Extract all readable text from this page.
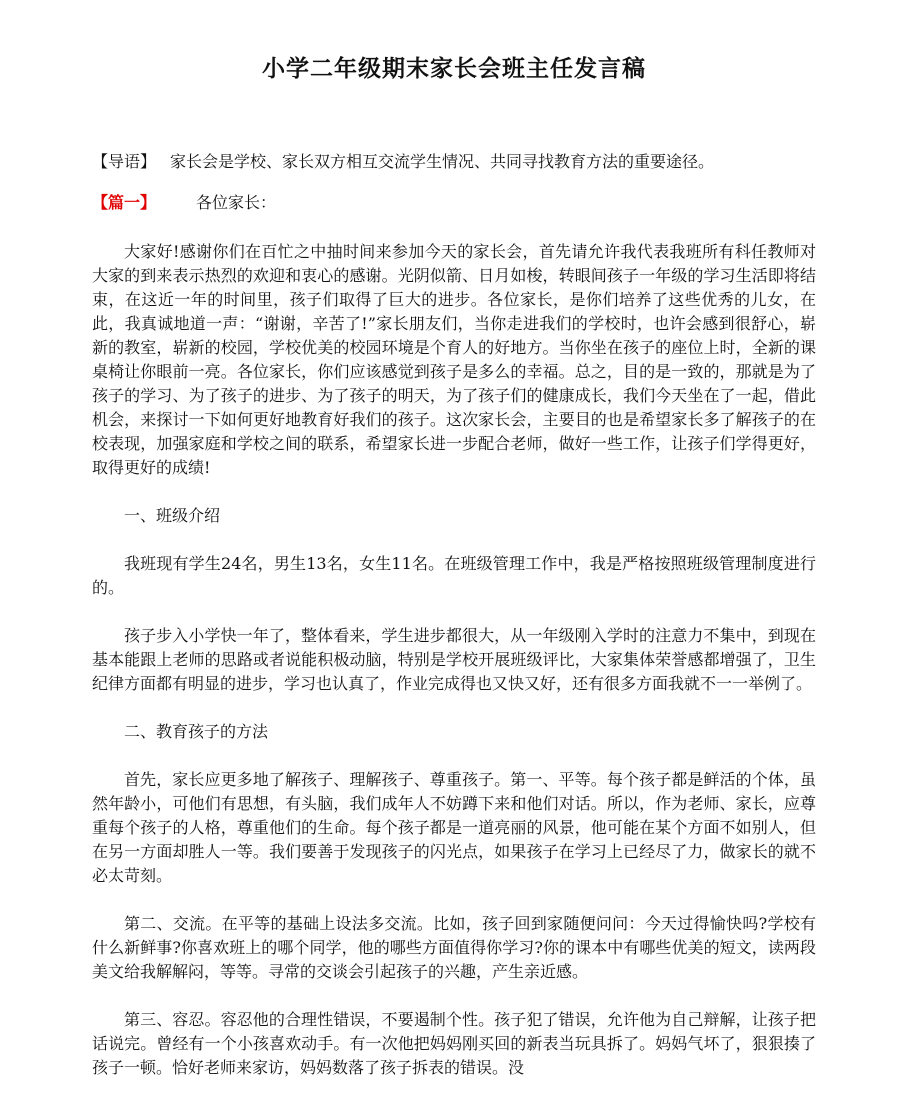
小学二年级期末家长会班主任发言稿
【导语】 家长会是学校、家长双方相互交流学生情况、共同寻找教育方法的重要途径。
【篇一】	各位家长：

大家好!感谢你们在百忙之中抽时间来参加今天的家长会，首先请允许我代表我班所有科任教师对大家的到来表示热烈的欢迎和衷心的感谢。光阴似箭、日月如梭，转眼间孩子一年级的学习生活即将结束，在这近一年的时间里，孩子们取得了巨大的进步。各位家长，是你们培养了这些优秀的儿女，在此，我真诚地道一声：“谢谢，辛苦了!”家长朋友们，当你走进我们的学校时，也许会感到很舒心，崭新的教室，崭新的校园，学校优美的校园环境是个育人的好地方。当你坐在孩子的座位上时，全新的课桌椅让你眼前一亮。各位家长，你们应该感觉到孩子是多么的幸福。总之，目的是一致的，那就是为了孩子的学习、为了孩子的进步、为了孩子的明天，为了孩子们的健康成长，我们今天坐在了一起，借此机会，来探讨一下如何更好地教育好我们的孩子。这次家长会，主要目的也是希望家长多了解孩子的在校表现，加强家庭和学校之间的联系，希望家长进一步配合老师，做好一些工作，让孩子们学得更好，取得更好的成绩!

一、班级介绍

我班现有学生24名，男生13名，女生11名。在班级管理工作中，我是严格按照班级管理制度进行的。

孩子步入小学快一年了，整体看来，学生进步都很大，从一年级刚入学时的注意力不集中，到现在基本能跟上老师的思路或者说能积极动脑，特别是学校开展班级评比，大家集体荣誉感都增强了，卫生纪律方面都有明显的进步，学习也认真了，作业完成得也又快又好，还有很多方面我就不一一举例了。

二、教育孩子的方法

首先，家长应更多地了解孩子、理解孩子、尊重孩子。第一、平等。每个孩子都是鲜活的个体，虽然年龄小，可他们有思想，有头脑，我们成年人不妨蹲下来和他们对话。所以，作为老师、家长，应尊重每个孩子的人格，尊重他们的生命。每个孩子都是一道亮丽的风景，他可能在某个方面不如别人，但在另一方面却胜人一等。我们要善于发现孩子的闪光点，如果孩子在学习上已经尽了力，做家长的就不必太苛刻。

第二、交流。在平等的基础上设法多交流。比如，孩子回到家随便问问：今天过得愉快吗?学校有什么新鲜事?你喜欢班上的哪个同学，他的哪些方面值得你学习?你的课本中有哪些优美的短文，读两段美文给我解解闷，等等。寻常的交谈会引起孩子的兴趣，产生亲近感。

第三、容忍。容忍他的合理性错误，不要遏制个性。孩子犯了错误，允许他为自己辩解，让孩子把话说完。曾经有一个小孩喜欢动手。有一次他把妈妈刚买回的新表当玩具拆了。妈妈气坏了，狠狠揍了孩子一顿。恰好老师来家访，妈妈数落了孩子拆表的错误。没
